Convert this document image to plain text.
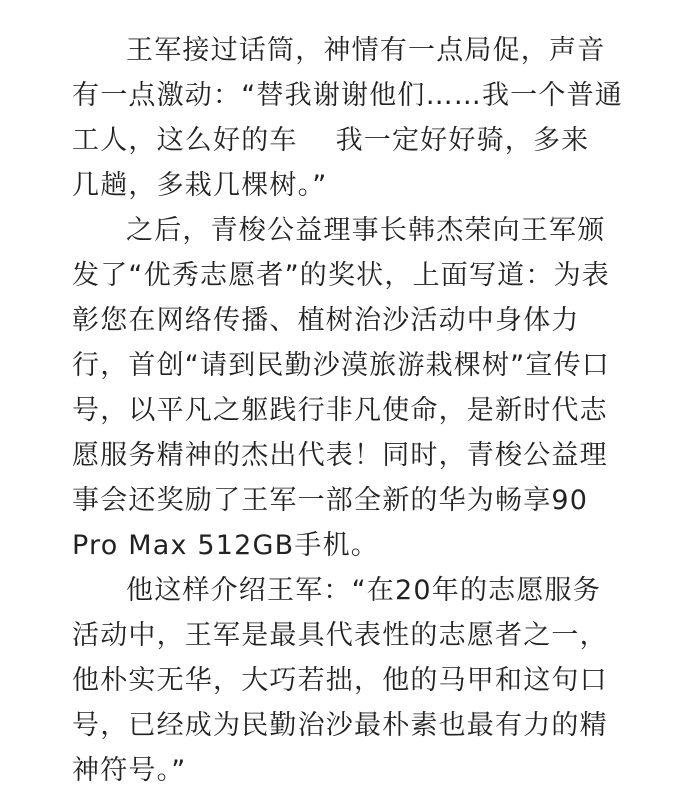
王军接过话筒，神情有一点局促，声音
有一点激动：“替我谢谢他们……我一个普通
工人，这么好的车　 我一定好好骑，多来
几趟，多栽几棵树。”

之后，青梭公益理事长韩杰荣向王军颁
发了“优秀志愿者”的奖状，上面写道：为表
彰您在网络传播、植树治沙活动中身体力
行，首创“请到民勤沙漠旅游栽棵树”宣传口
号，以平凡之躯践行非凡使命，是新时代志
愿服务精神的杰出代表！同时，青梭公益理
事会还奖励了王军一部全新的华为畅享90
Pro Max 512GB手机。

他这样介绍王军：“在20年的志愿服务
活动中，王军是最具代表性的志愿者之一，
他朴实无华，大巧若拙，他的马甲和这句口
号，已经成为民勤治沙最朴素也最有力的精
神符号。”
